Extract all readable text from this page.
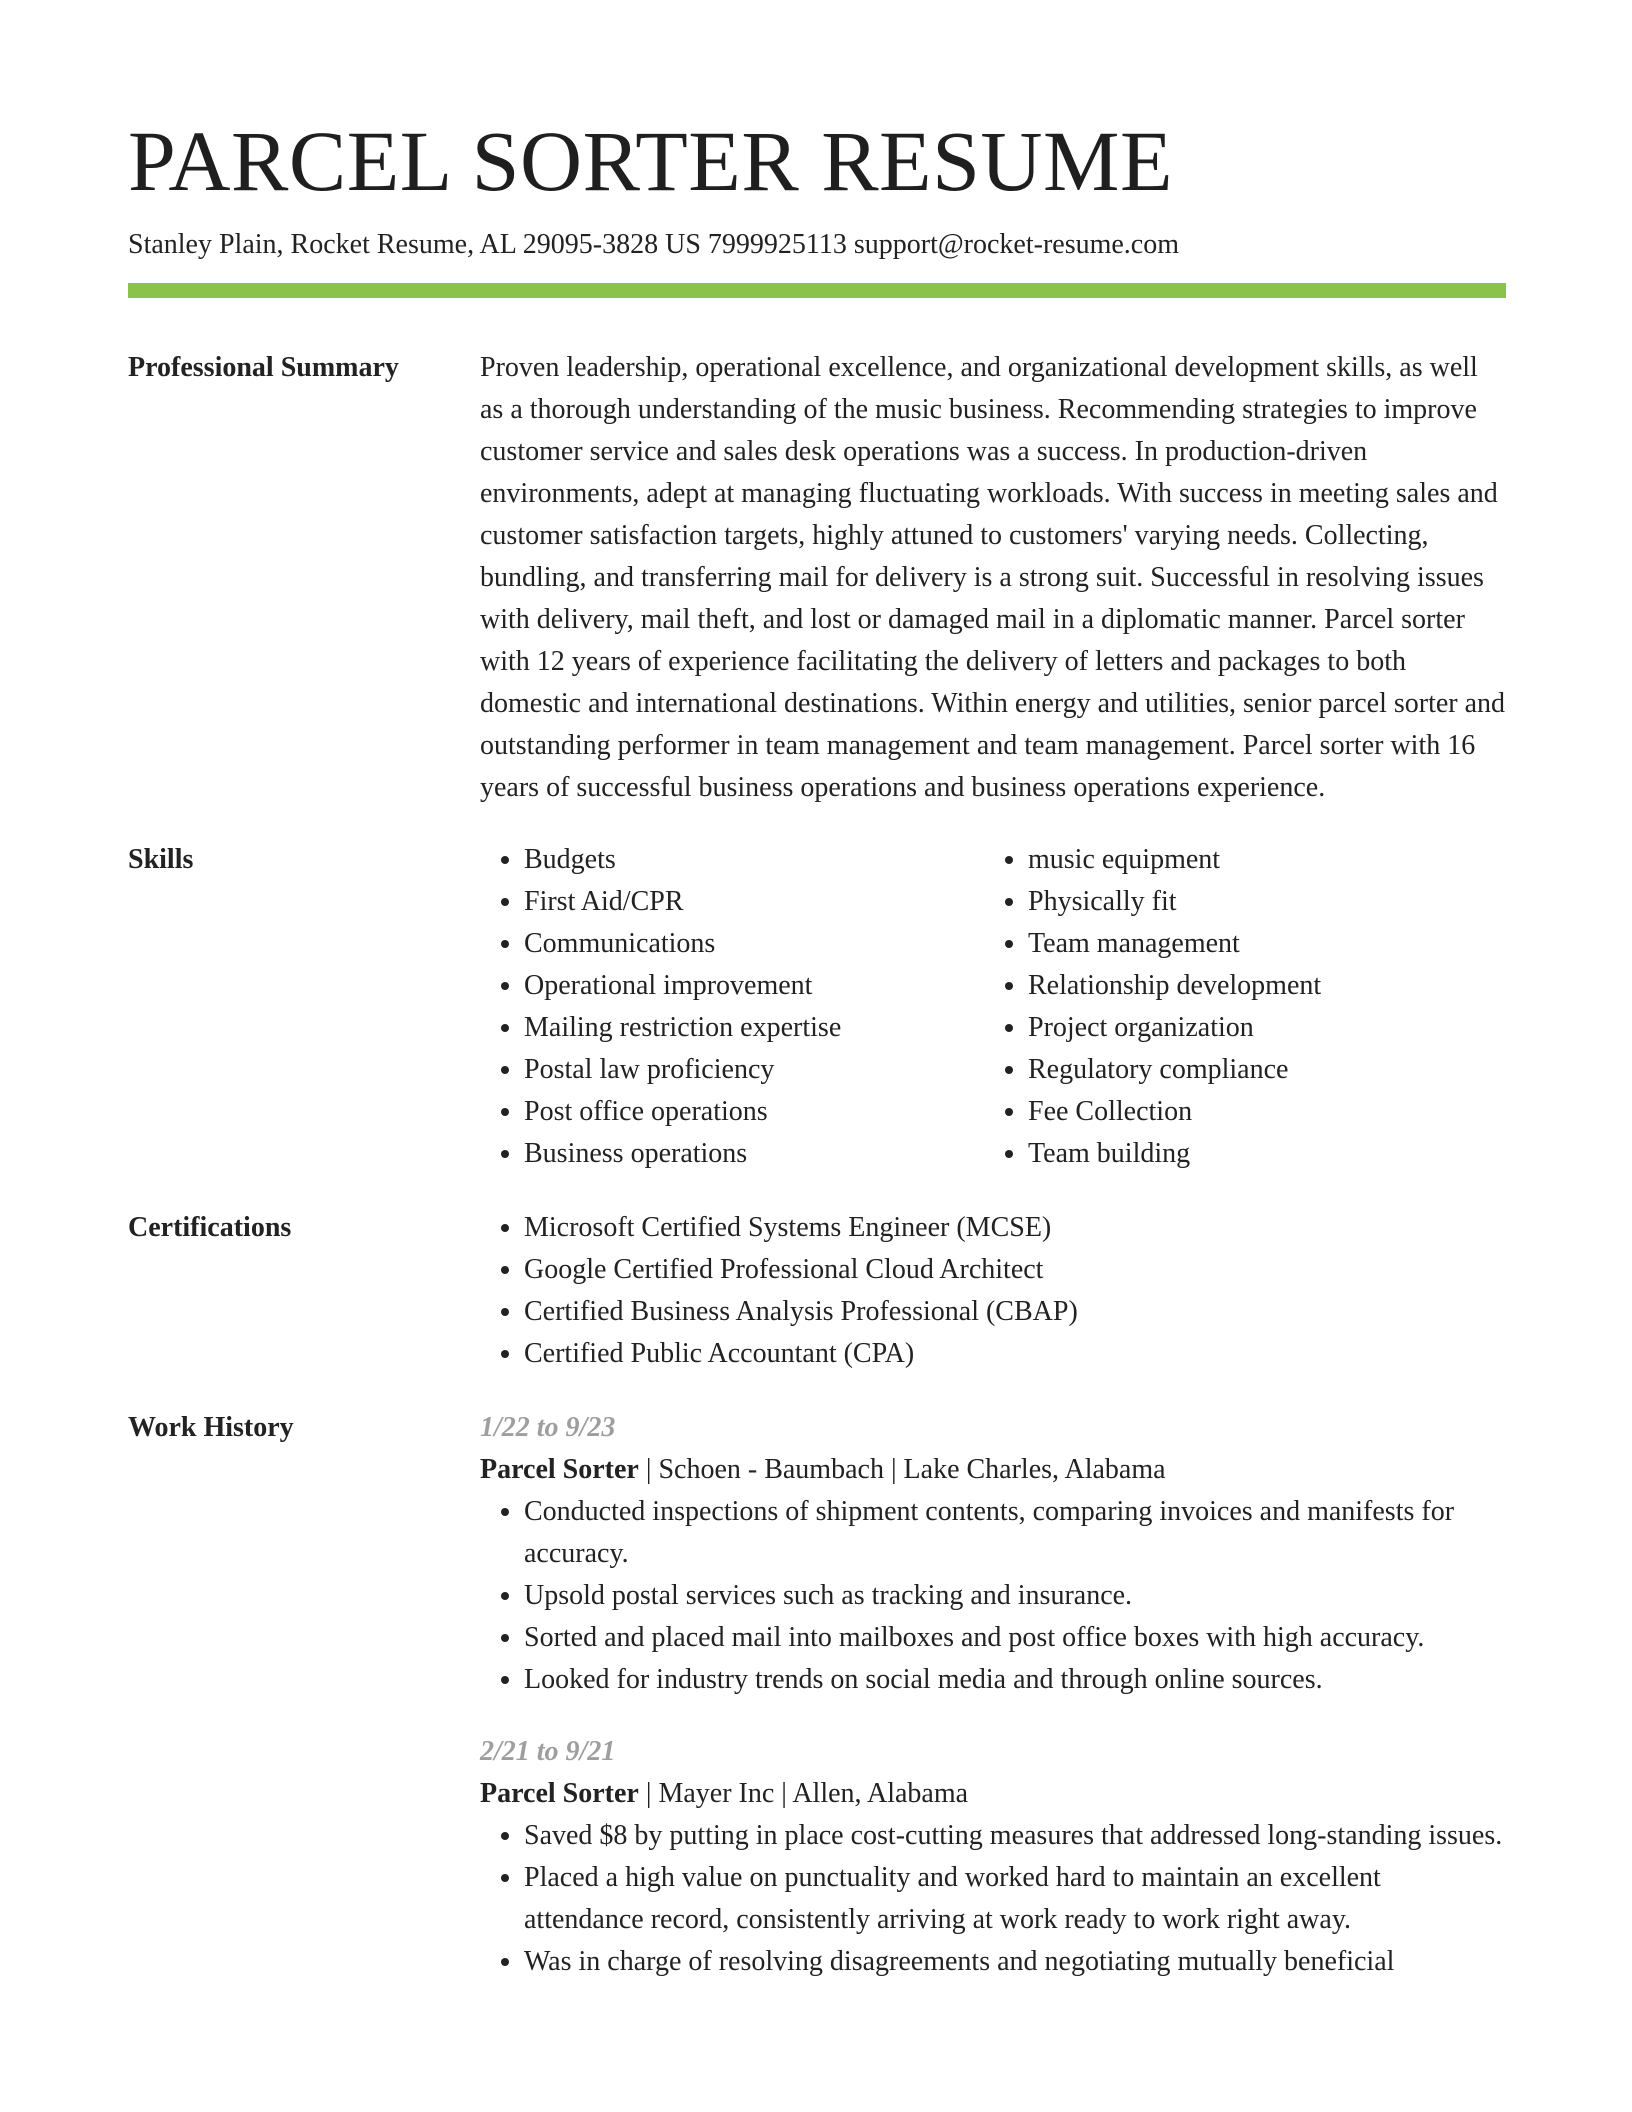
PARCEL SORTER RESUME
Stanley Plain, Rocket Resume, AL 29095-3828 US 7999925113 support@rocket-resume.com
Professional Summary	Proven leadership, operational excellence, and organizational development skills, as well as a thorough understanding of the music business. Recommending strategies to improve customer service and sales desk operations was a success. In production-driven environments, adept at managing fluctuating workloads. With success in meeting sales and customer satisfaction targets, highly attuned to customers' varying needs. Collecting, bundling, and transferring mail for delivery is a strong suit. Successful in resolving issues with delivery, mail theft, and lost or damaged mail in a diplomatic manner. Parcel sorter with 12 years of experience facilitating the delivery of letters and packages to both domestic and international destinations. Within energy and utilities, senior parcel sorter and outstanding performer in team management and team management. Parcel sorter with 16 years of successful business operations and business operations experience.
Skills	• Budgets
• First Aid/CPR
• Communications
• Operational improvement
• Mailing restriction expertise
• Postal law proficiency
• Post office operations
• Business operations
• music equipment
• Physically fit
• Team management
• Relationship development
• Project organization
• Regulatory compliance
• Fee Collection
• Team building
Certifications	• Microsoft Certified Systems Engineer (MCSE)
• Google Certified Professional Cloud Architect
• Certified Business Analysis Professional (CBAP)
• Certified Public Accountant (CPA)
Work History	1/22 to 9/23
Parcel Sorter | Schoen - Baumbach | Lake Charles, Alabama
• Conducted inspections of shipment contents, comparing invoices and manifests for accuracy.
• Upsold postal services such as tracking and insurance.
• Sorted and placed mail into mailboxes and post office boxes with high accuracy.
• Looked for industry trends on social media and through online sources.
2/21 to 9/21
Parcel Sorter | Mayer Inc | Allen, Alabama
• Saved $8 by putting in place cost-cutting measures that addressed long-standing issues.
• Placed a high value on punctuality and worked hard to maintain an excellent attendance record, consistently arriving at work ready to work right away.
• Was in charge of resolving disagreements and negotiating mutually beneficial
